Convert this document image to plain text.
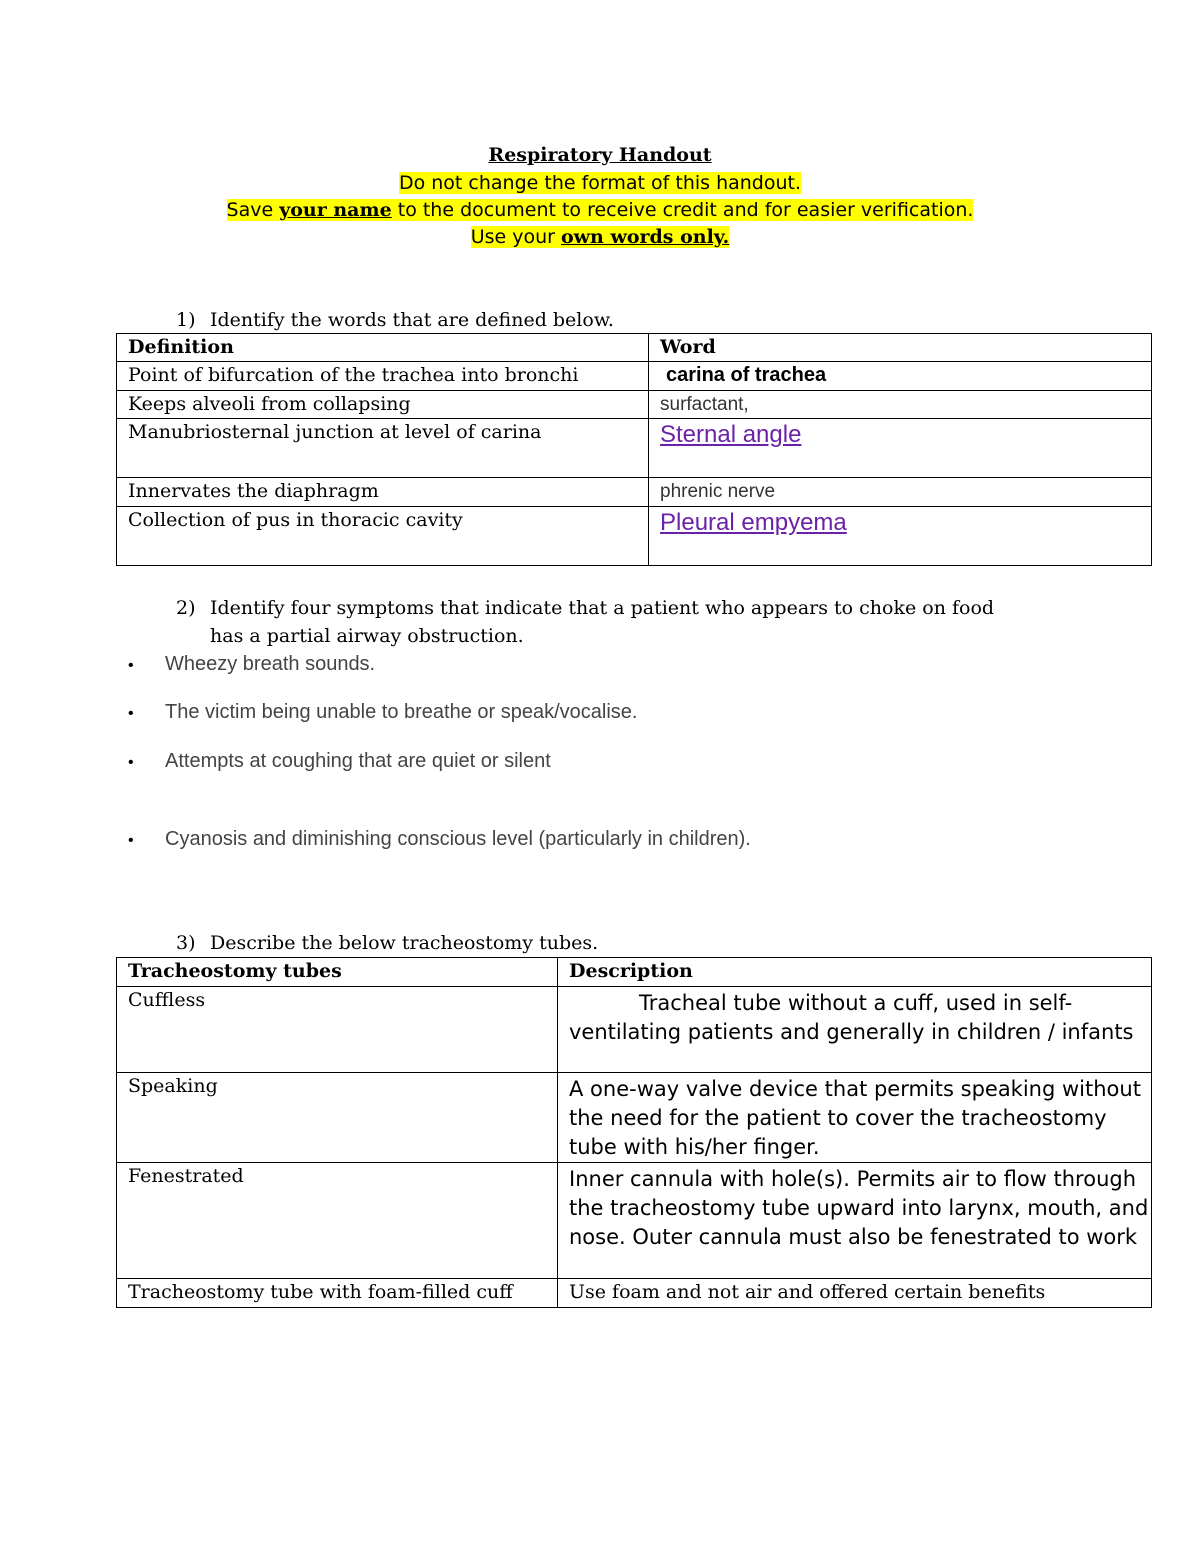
Respiratory Handout
Do not change the format of this handout.
Save your name to the document to receive credit and for easier verification.
Use your own words only.
1) Identify the words that are defined below.
Definition	Word
Point of bifurcation of the trachea into bronchi	carina of trachea
Keeps alveoli from collapsing	surfactant,
Manubriosternal junction at level of carina	Sternal angle
Innervates the diaphragm	phrenic nerve
Collection of pus in thoracic cavity	Pleural empyema
2) Identify four symptoms that indicate that a patient who appears to choke on food
has a partial airway obstruction.
• Wheezy breath sounds.
• The victim being unable to breathe or speak/vocalise.
• Attempts at coughing that are quiet or silent
• Cyanosis and diminishing conscious level (particularly in children).
3) Describe the below tracheostomy tubes.
Tracheostomy tubes	Description
Cuffless	Tracheal tube without a cuff, used in self-ventilating patients and generally in children / infants
Speaking	A one-way valve device that permits speaking without the need for the patient to cover the tracheostomy tube with his/her finger.
Fenestrated	Inner cannula with hole(s). Permits air to flow through the tracheostomy tube upward into larynx, mouth, and nose. Outer cannula must also be fenestrated to work
Tracheostomy tube with foam-filled cuff	Use foam and not air and offered certain benefits
